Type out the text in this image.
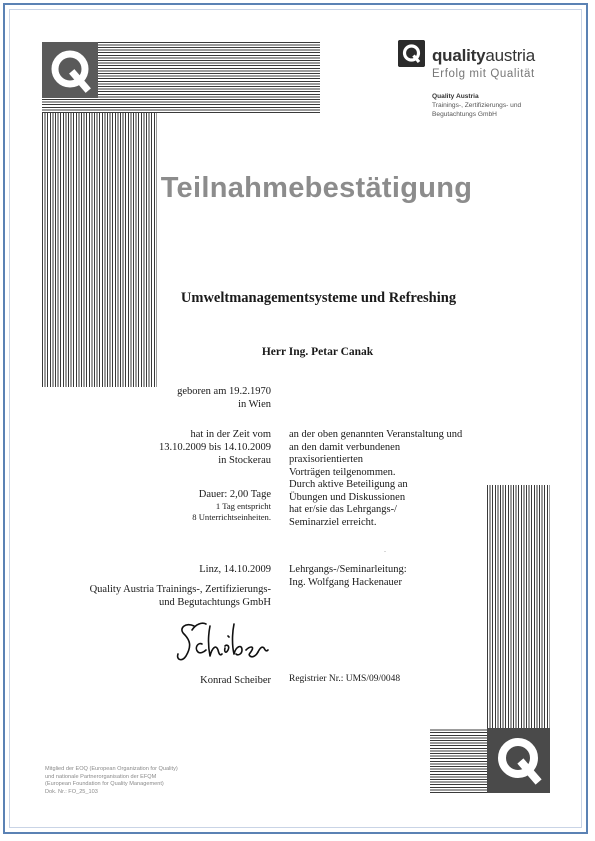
qualityaustria
Erfolg mit Qualität
Quality Austria
Trainings-, Zertifizierungs- und
Begutachtungs GmbH
Teilnahmebestätigung
Umweltmanagementsysteme und Refreshing
Herr Ing. Petar Canak
geboren am 19.2.1970
in Wien
hat in der Zeit vom
13.10.2009 bis 14.10.2009
in Stockerau
Dauer: 2,00 Tage
1 Tag entspricht
8 Unterrichtseinheiten.
an der oben genannten Veranstaltung und
an den damit verbundenen
praxisorientierten
Vorträgen teilgenommen.
Durch aktive Beteiligung an
Übungen und Diskussionen
hat er/sie das Lehrgangs-/
Seminarziel erreicht.
.
Linz, 14.10.2009
Quality Austria Trainings-, Zertifizierungs-
und Begutachtungs GmbH
Lehrgangs-/Seminarleitung:
Ing. Wolfgang Hackenauer
Konrad Scheiber Registrier Nr.: UMS/09/0048
Mitglied der EOQ (European Organization for Quality)
und nationale Partnerorganisation der EFQM
(European Foundation for Quality Management)
Dok. Nr.: FO_25_103
